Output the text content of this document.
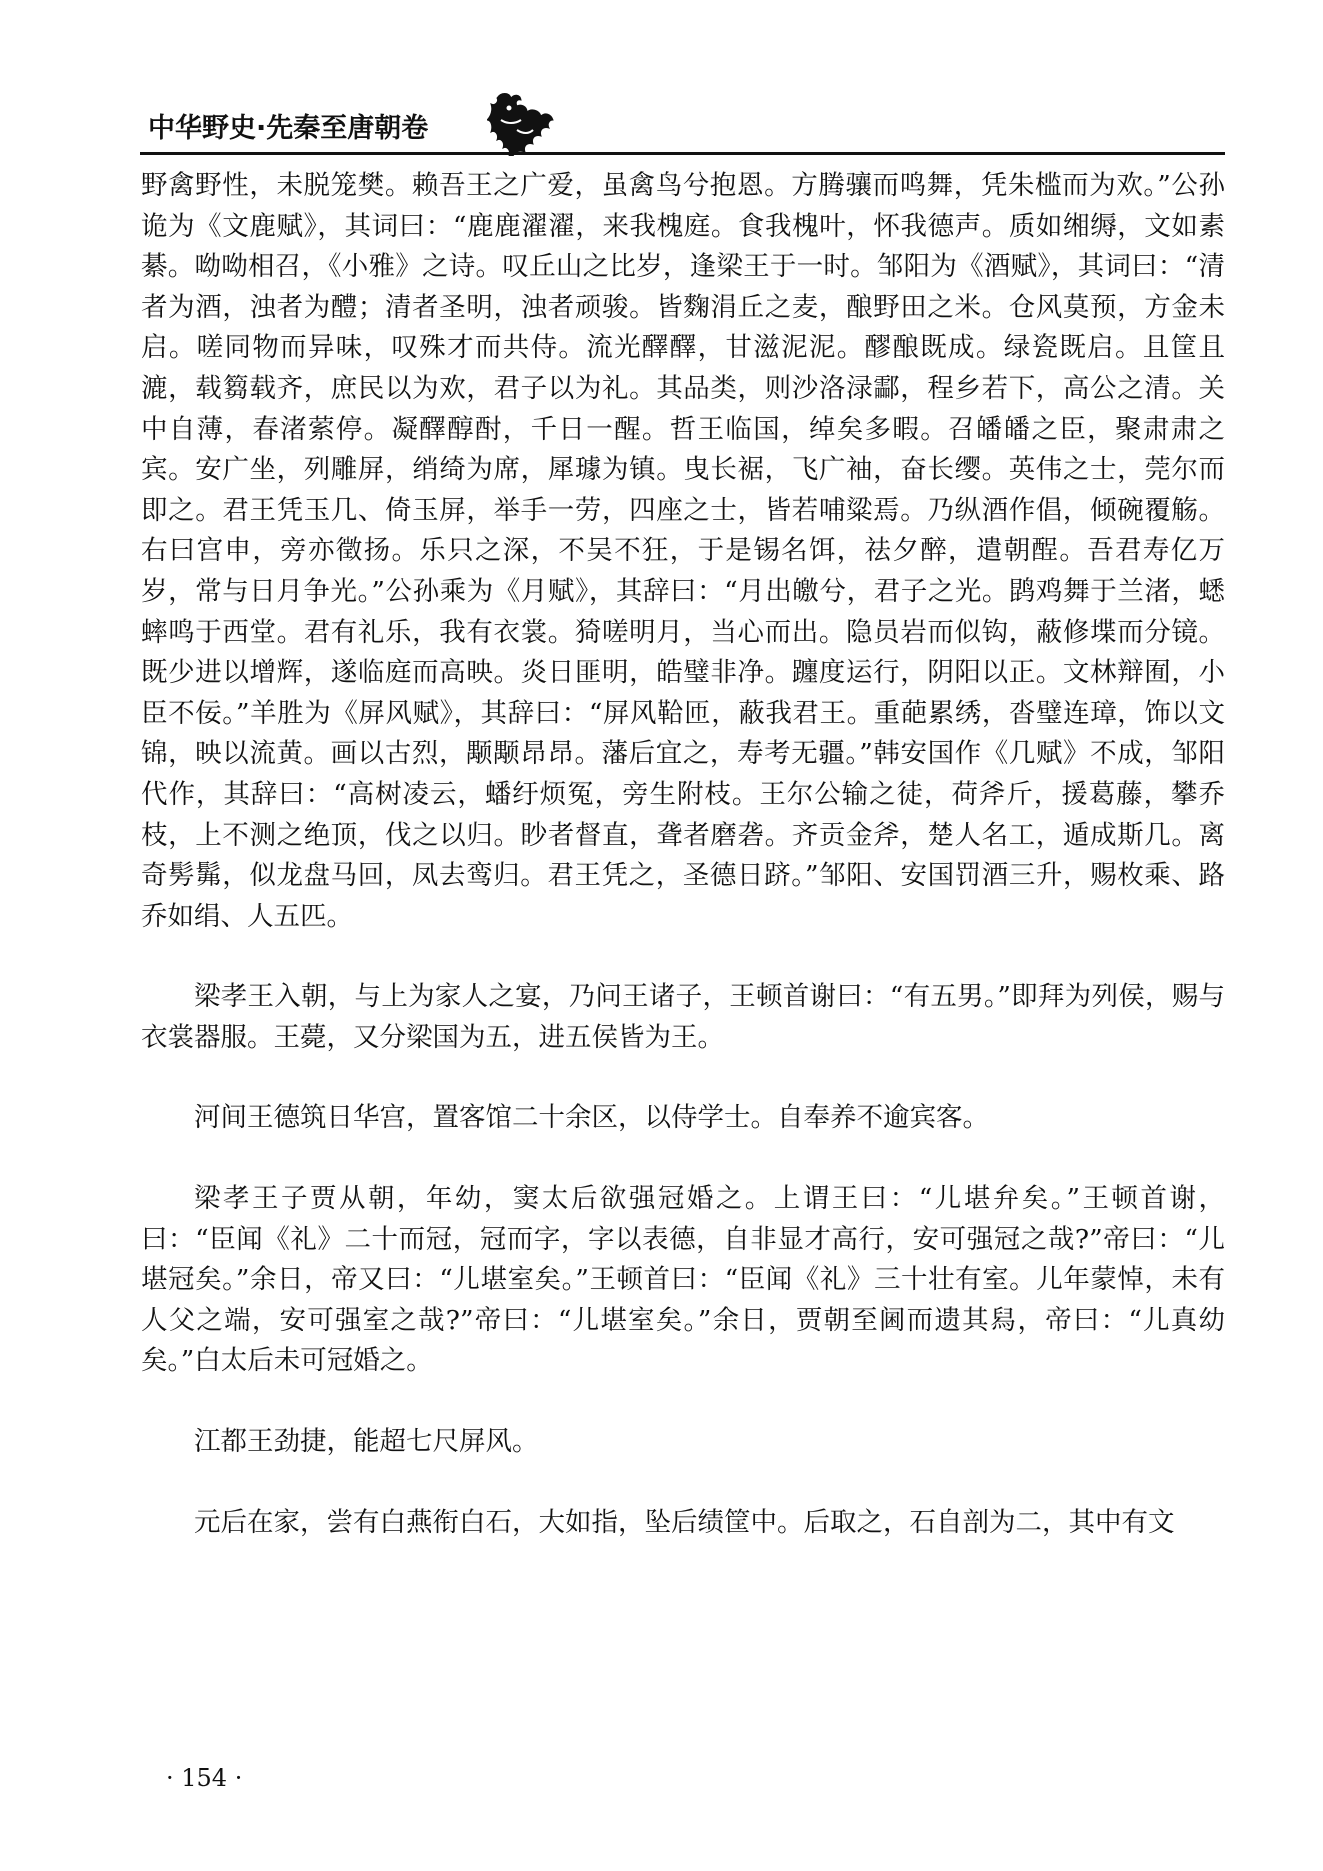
中华野史·先秦至唐朝卷

野禽野性，未脱笼樊。赖吾王之广爱，虽禽鸟兮抱恩。方腾骧而鸣舞，凭朱槛而为欢。”公孙诡为《文鹿赋》，其词曰：“鹿鹿濯濯，来我槐庭。食我槐叶，怀我德声。质如缃缛，文如素綦。呦呦相召，《小雅》之诗。叹丘山之比岁，逢梁王于一时。邹阳为《酒赋》，其词曰：“清者为酒，浊者为醴；清者圣明，浊者顽骏。皆麴涓丘之麦，酿野田之米。仓风莫预，方金未启。嗟同物而异味，叹殊才而共侍。流光醳醳，甘滋泥泥。醪酿既成。绿瓷既启。且筐且漉，载篘载齐，庶民以为欢，君子以为礼。其品类，则沙洛渌酃，程乡若下，高公之清。关中自薄，春渚萦停。凝醳醇酎，千日一醒。哲王临国，绰矣多暇。召皤皤之臣，聚肃肃之宾。安广坐，列雕屏，绡绮为席，犀璩为镇。曳长裾，飞广袖，奋长缨。英伟之士，莞尔而即之。君王凭玉几、倚玉屏，举手一劳，四座之士，皆若哺粱焉。乃纵酒作倡，倾碗覆觞。右曰宫申，旁亦徵扬。乐只之深，不吴不狂，于是锡名饵，祛夕醉，遣朝酲。吾君寿亿万岁，常与日月争光。”公孙乘为《月赋》，其辞曰：“月出皦兮，君子之光。鹍鸡舞于兰渚，蟋蟀鸣于西堂。君有礼乐，我有衣裳。猗嗟明月，当心而出。隐员岩而似钩，蔽修堞而分镜。既少进以增辉，遂临庭而高映。炎日匪明，皓璧非净。躔度运行，阴阳以正。文林辩囿，小臣不佞。”羊胜为《屏风赋》，其辞曰：“屏风鞈匝，蔽我君王。重葩累绣，沓璧连璋，饰以文锦，映以流黄。画以古烈，颙颙昂昂。藩后宜之，寿考无疆。”韩安国作《几赋》不成，邹阳代作，其辞曰：“高树凌云，蟠纡烦冤，旁生附枝。王尔公输之徒，荷斧斤，援葛藤，攀乔枝，上不测之绝顶，伐之以归。眇者督直，聋者磨砻。齐贡金斧，楚人名工，遁成斯几。离奇髣髴，似龙盘马回，凤去鸾归。君王凭之，圣德日跻。”邹阳、安国罚酒三升，赐枚乘、路乔如绢、人五匹。

梁孝王入朝，与上为家人之宴，乃问王诸子，王顿首谢曰：“有五男。”即拜为列侯，赐与衣裳器服。王薨，又分梁国为五，进五侯皆为王。

河间王德筑日华宫，置客馆二十余区，以侍学士。自奉养不逾宾客。

梁孝王子贾从朝，年幼，窦太后欲强冠婚之。上谓王曰：“儿堪弁矣。”王顿首谢，曰：“臣闻《礼》二十而冠，冠而字，字以表德，自非显才高行，安可强冠之哉?”帝曰：“儿堪冠矣。”余日，帝又曰：“儿堪室矣。”王顿首曰：“臣闻《礼》三十壮有室。儿年蒙悼，未有人父之端，安可强室之哉?”帝曰：“儿堪室矣。”余日，贾朝至阃而遗其舄，帝曰：“儿真幼矣。”白太后未可冠婚之。

江都王劲捷，能超七尺屏风。

元后在家，尝有白燕衔白石，大如指，坠后绩筐中。后取之，石自剖为二，其中有文

· 154 ·
